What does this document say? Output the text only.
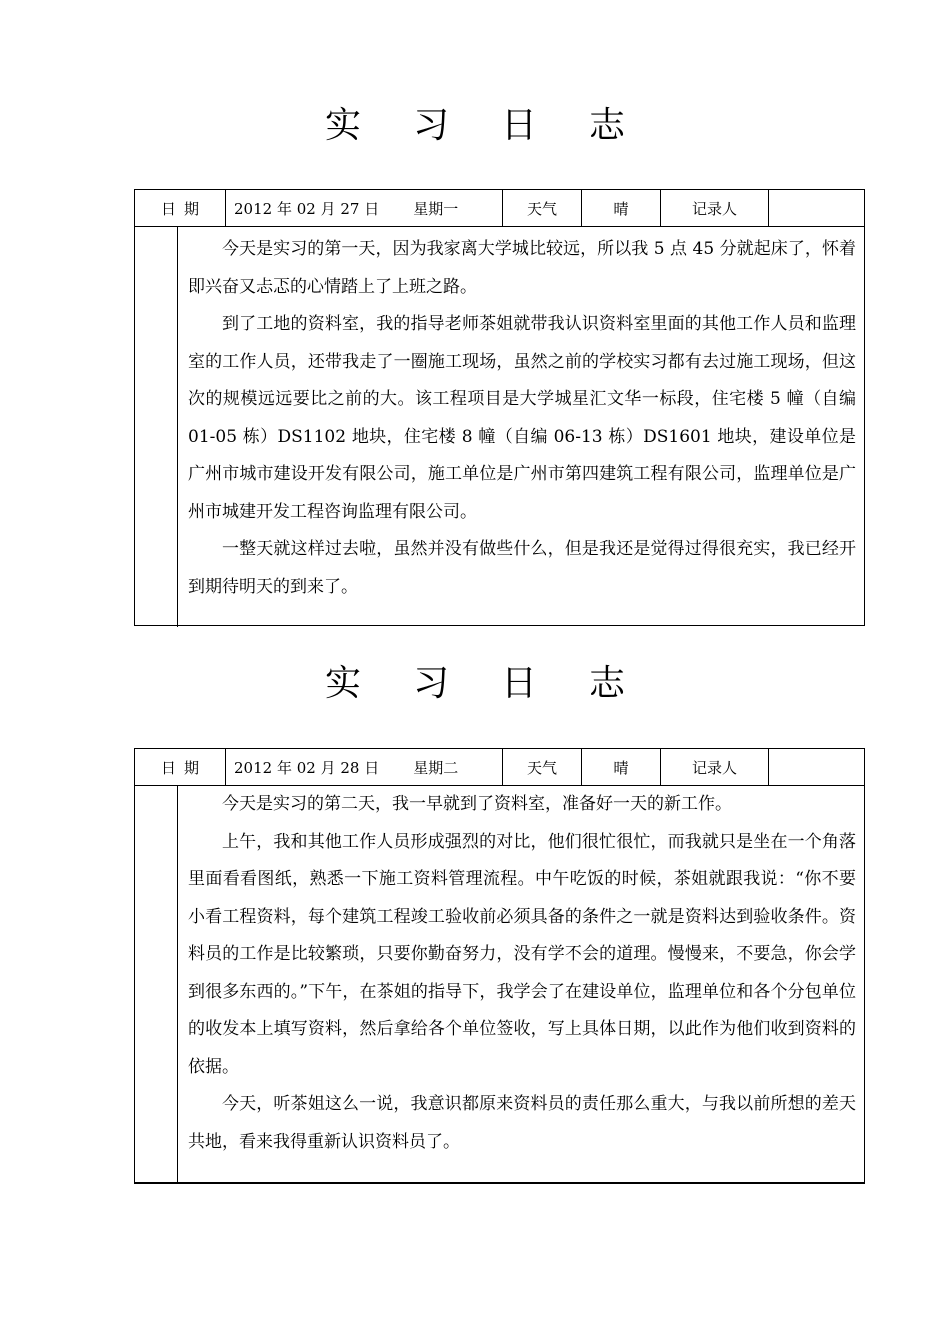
实 习 日 志
日 期 2012 年 02 月 27 日 星期一	天气	晴	记录人

今天是实习的第一天，因为我家离大学城比较远，所以我 5 点 45 分就起床了，怀着即兴奋又忐忑的心情踏上了上班之路。

到了工地的资料室，我的指导老师茶姐就带我认识资料室里面的其他工作人员和监理室的工作人员，还带我走了一圈施工现场，虽然之前的学校实习都有去过施工现场，但这次的规模远远要比之前的大。该工程项目是大学城星汇文华一标段，住宅楼 5 幢（自编 01-05 栋）DS1102 地块，住宅楼 8 幢（自编 06-13 栋）DS1601 地块，建设单位是广州市城市建设开发有限公司，施工单位是广州市第四建筑工程有限公司，监理单位是广州市城建开发工程咨询监理有限公司。

一整天就这样过去啦，虽然并没有做些什么，但是我还是觉得过得很充实，我已经开到期待明天的到来了。

实 习 日 志
日 期 2012 年 02 月 28 日 星期二	天气	晴	记录人

今天是实习的第二天，我一早就到了资料室，准备好一天的新工作。

上午，我和其他工作人员形成强烈的对比，他们很忙很忙，而我就只是坐在一个角落里面看看图纸，熟悉一下施工资料管理流程。中午吃饭的时候，茶姐就跟我说：“你不要小看工程资料，每个建筑工程竣工验收前必须具备的条件之一就是资料达到验收条件。资料员的工作是比较繁琐，只要你勤奋努力，没有学不会的道理。慢慢来，不要急，你会学到很多东西的。”下午，在茶姐的指导下，我学会了在建设单位，监理单位和各个分包单位的收发本上填写资料，然后拿给各个单位签收，写上具体日期，以此作为他们收到资料的依据。

今天，听茶姐这么一说，我意识都原来资料员的责任那么重大，与我以前所想的差天共地，看来我得重新认识资料员了。
